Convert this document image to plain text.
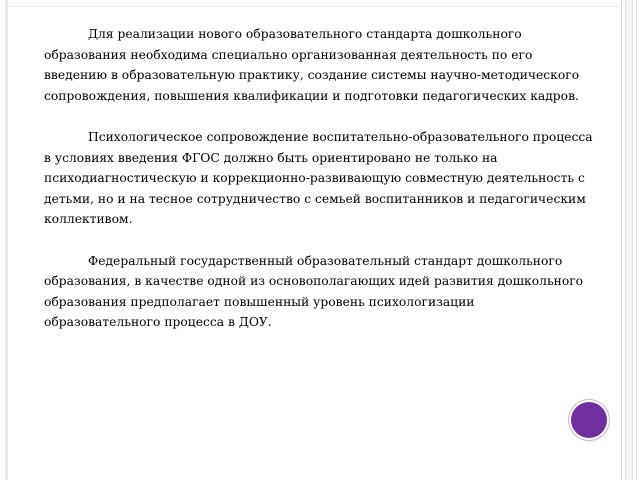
Для реализации нового образовательного стандарта дошкольного образования необходима специально организованная деятельность по его введению в образовательную практику, создание системы научно-методического сопровождения, повышения квалификации и подготовки педагогических кадров.

Психологическое сопровождение воспитательно-образовательного процесса в условиях введения ФГОС должно быть ориентировано не только на психодиагностическую и коррекционно-развивающую совместную деятельность с детьми, но и на тесное сотрудничество с семьей воспитанников и педагогическим коллективом.

Федеральный государственный образовательный стандарт дошкольного образования, в качестве одной из основополагающих идей развития дошкольного образования предполагает повышенный уровень психологизации образовательного процесса в ДОУ.
